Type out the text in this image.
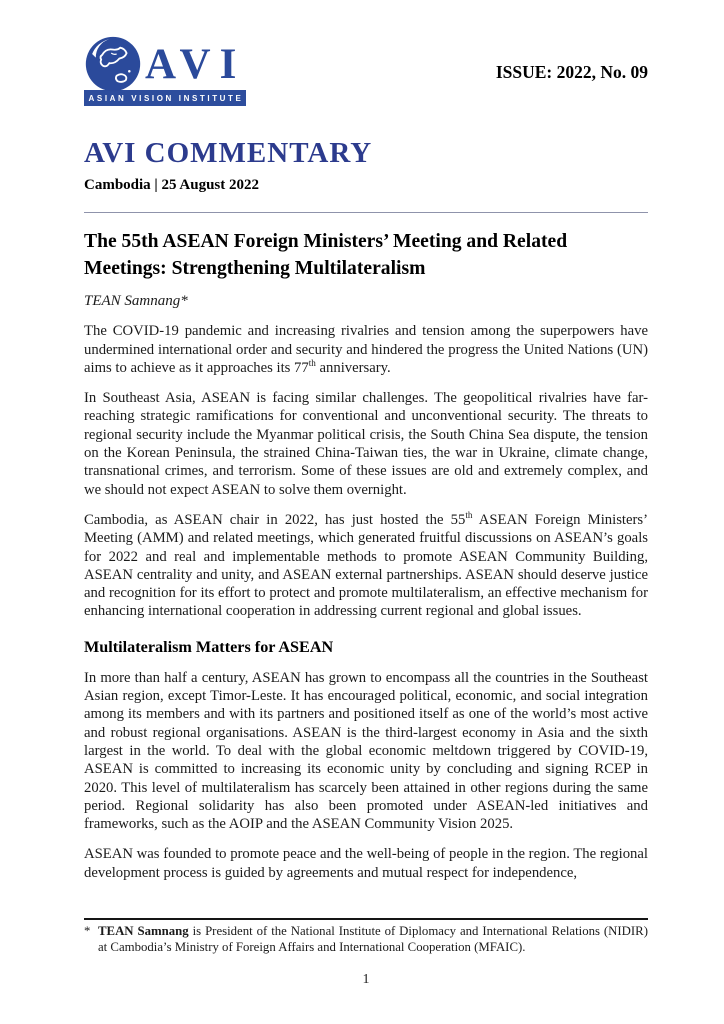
AVI
ASIAN VISION INSTITUTE
ISSUE: 2022, No. 09
AVI COMMENTARY
Cambodia | 25 August 2022
The 55th ASEAN Foreign Ministers’ Meeting and Related Meetings: Strengthening Multilateralism
TEAN Samnang*

The COVID-19 pandemic and increasing rivalries and tension among the superpowers have undermined international order and security and hindered the progress the United Nations (UN) aims to achieve as it approaches its 77th anniversary.

In Southeast Asia, ASEAN is facing similar challenges. The geopolitical rivalries have far-reaching strategic ramifications for conventional and unconventional security. The threats to regional security include the Myanmar political crisis, the South China Sea dispute, the tension on the Korean Peninsula, the strained China-Taiwan ties, the war in Ukraine, climate change, transnational crimes, and terrorism. Some of these issues are old and extremely complex, and we should not expect ASEAN to solve them overnight.

Cambodia, as ASEAN chair in 2022, has just hosted the 55th ASEAN Foreign Ministers’ Meeting (AMM) and related meetings, which generated fruitful discussions on ASEAN’s goals for 2022 and real and implementable methods to promote ASEAN Community Building, ASEAN centrality and unity, and ASEAN external partnerships. ASEAN should deserve justice and recognition for its effort to protect and promote multilateralism, an effective mechanism for enhancing international cooperation in addressing current regional and global issues.

Multilateralism Matters for ASEAN

In more than half a century, ASEAN has grown to encompass all the countries in the Southeast Asian region, except Timor-Leste. It has encouraged political, economic, and social integration among its members and with its partners and positioned itself as one of the world’s most active and robust regional organisations. ASEAN is the third-largest economy in Asia and the sixth largest in the world. To deal with the global economic meltdown triggered by COVID-19, ASEAN is committed to increasing its economic unity by concluding and signing RCEP in 2020. This level of multilateralism has scarcely been attained in other regions during the same period. Regional solidarity has also been promoted under ASEAN-led initiatives and frameworks, such as the AOIP and the ASEAN Community Vision 2025.

ASEAN was founded to promote peace and the well-being of people in the region. The regional development process is guided by agreements and mutual respect for independence,

* TEAN Samnang is President of the National Institute of Diplomacy and International Relations (NIDIR) at Cambodia’s Ministry of Foreign Affairs and International Cooperation (MFAIC).
1
